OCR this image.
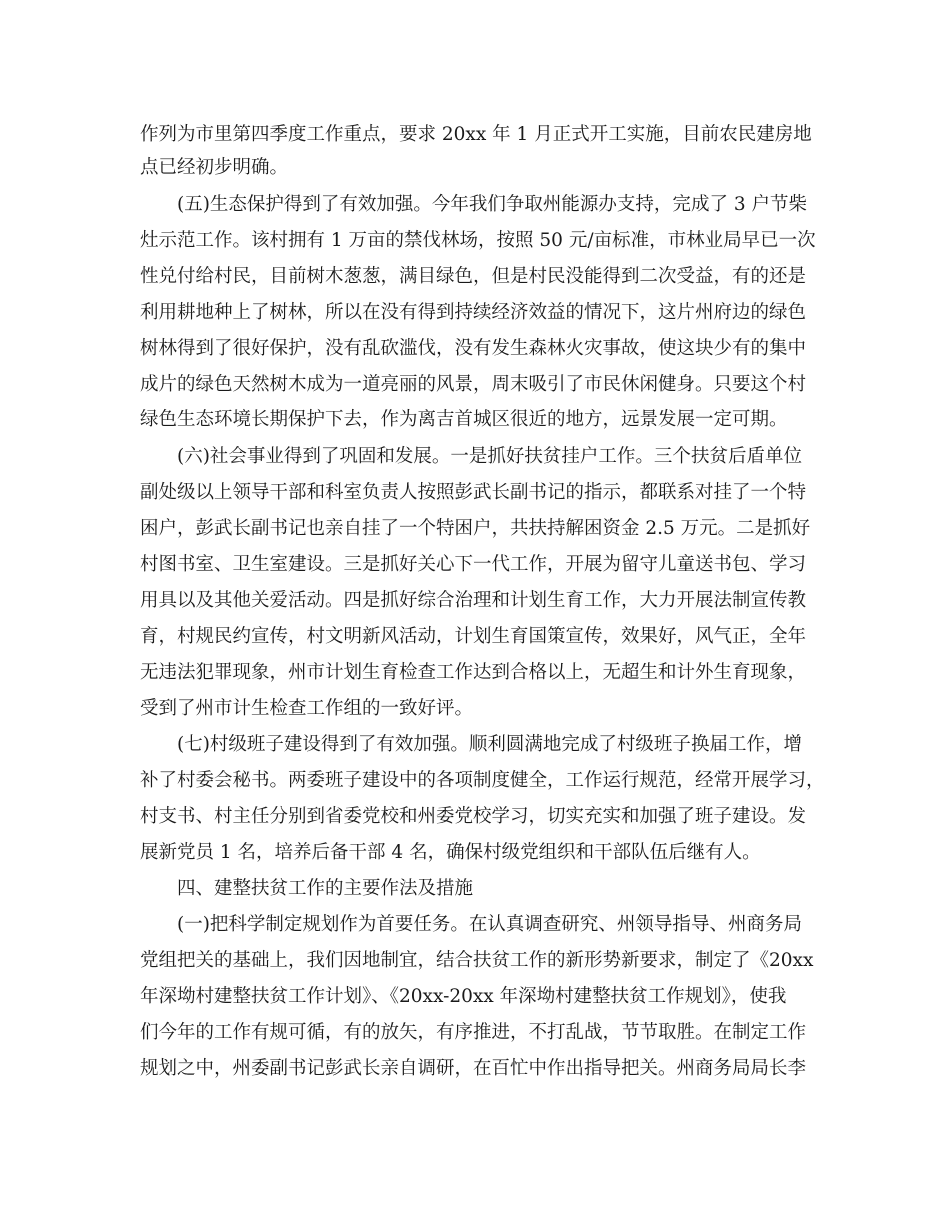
作列为市里第四季度工作重点，要求 20xx 年 1 月正式开工实施，目前农民建房地
点已经初步明确。
(五)生态保护得到了有效加强。今年我们争取州能源办支持，完成了 3 户节柴
灶示范工作。该村拥有 1 万亩的禁伐林场，按照 50 元/亩标准，市林业局早已一次
性兑付给村民，目前树木葱葱，满目绿色，但是村民没能得到二次受益，有的还是
利用耕地种上了树林，所以在没有得到持续经济效益的情况下，这片州府边的绿色
树林得到了很好保护，没有乱砍滥伐，没有发生森林火灾事故，使这块少有的集中
成片的绿色天然树木成为一道亮丽的风景，周末吸引了市民休闲健身。只要这个村
绿色生态环境长期保护下去，作为离吉首城区很近的地方，远景发展一定可期。
(六)社会事业得到了巩固和发展。一是抓好扶贫挂户工作。三个扶贫后盾单位
副处级以上领导干部和科室负责人按照彭武长副书记的指示，都联系对挂了一个特
困户，彭武长副书记也亲自挂了一个特困户，共扶持解困资金 2.5 万元。二是抓好
村图书室、卫生室建设。三是抓好关心下一代工作，开展为留守儿童送书包、学习
用具以及其他关爱活动。四是抓好综合治理和计划生育工作，大力开展法制宣传教
育，村规民约宣传，村文明新风活动，计划生育国策宣传，效果好，风气正，全年
无违法犯罪现象，州市计划生育检查工作达到合格以上，无超生和计外生育现象，
受到了州市计生检查工作组的一致好评。
(七)村级班子建设得到了有效加强。顺利圆满地完成了村级班子换届工作，增
补了村委会秘书。两委班子建设中的各项制度健全，工作运行规范，经常开展学习，
村支书、村主任分别到省委党校和州委党校学习，切实充实和加强了班子建设。发
展新党员 1 名，培养后备干部 4 名，确保村级党组织和干部队伍后继有人。
四、建整扶贫工作的主要作法及措施
(一)把科学制定规划作为首要任务。在认真调查研究、州领导指导、州商务局
党组把关的基础上，我们因地制宜，结合扶贫工作的新形势新要求，制定了《20xx
年深坳村建整扶贫工作计划》、《20xx-20xx 年深坳村建整扶贫工作规划》，使我
们今年的工作有规可循，有的放矢，有序推进，不打乱战，节节取胜。在制定工作
规划之中，州委副书记彭武长亲自调研，在百忙中作出指导把关。州商务局局长李
